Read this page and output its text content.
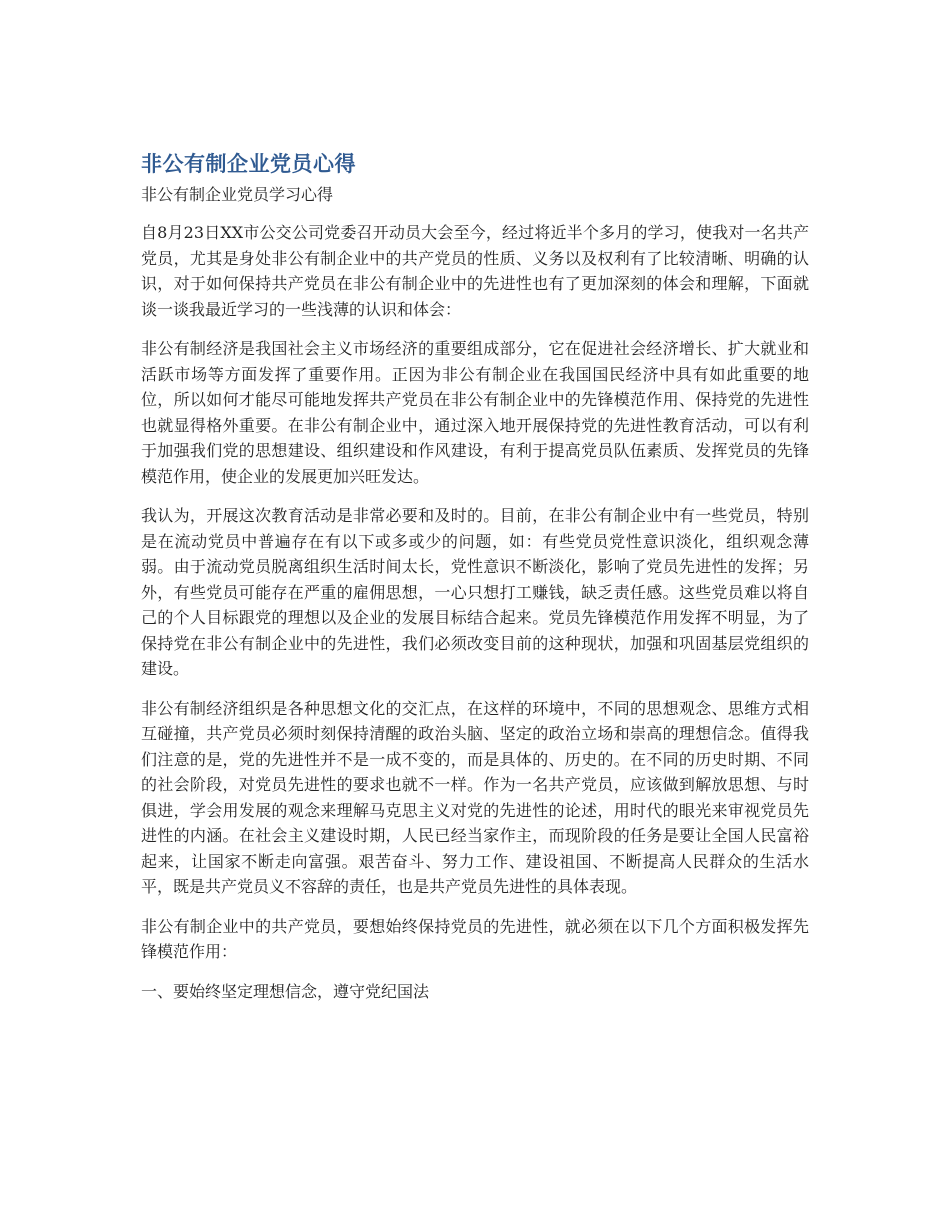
非公有制企业党员心得
非公有制企业党员学习心得

自8月23日XX市公交公司党委召开动员大会至今，经过将近半个多月的学习，使我对一名共产党员，尤其是身处非公有制企业中的共产党员的性质、义务以及权利有了比较清晰、明确的认识，对于如何保持共产党员在非公有制企业中的先进性也有了更加深刻的体会和理解，下面就谈一谈我最近学习的一些浅薄的认识和体会：

非公有制经济是我国社会主义市场经济的重要组成部分，它在促进社会经济增长、扩大就业和活跃市场等方面发挥了重要作用。正因为非公有制企业在我国国民经济中具有如此重要的地位，所以如何才能尽可能地发挥共产党员在非公有制企业中的先锋模范作用、保持党的先进性也就显得格外重要。在非公有制企业中，通过深入地开展保持党的先进性教育活动，可以有利于加强我们党的思想建设、组织建设和作风建设，有利于提高党员队伍素质、发挥党员的先锋模范作用，使企业的发展更加兴旺发达。

我认为，开展这次教育活动是非常必要和及时的。目前，在非公有制企业中有一些党员，特别是在流动党员中普遍存在有以下或多或少的问题，如：有些党员党性意识淡化，组织观念薄弱。由于流动党员脱离组织生活时间太长，党性意识不断淡化，影响了党员先进性的发挥；另外，有些党员可能存在严重的雇佣思想，一心只想打工赚钱，缺乏责任感。这些党员难以将自己的个人目标跟党的理想以及企业的发展目标结合起来。党员先锋模范作用发挥不明显，为了保持党在非公有制企业中的先进性，我们必须改变目前的这种现状，加强和巩固基层党组织的建设。

非公有制经济组织是各种思想文化的交汇点，在这样的环境中，不同的思想观念、思维方式相互碰撞，共产党员必须时刻保持清醒的政治头脑、坚定的政治立场和崇高的理想信念。值得我们注意的是，党的先进性并不是一成不变的，而是具体的、历史的。在不同的历史时期、不同的社会阶段，对党员先进性的要求也就不一样。作为一名共产党员，应该做到解放思想、与时俱进，学会用发展的观念来理解马克思主义对党的先进性的论述，用时代的眼光来审视党员先进性的内涵。在社会主义建设时期，人民已经当家作主，而现阶段的任务是要让全国人民富裕起来，让国家不断走向富强。艰苦奋斗、努力工作、建设祖国、不断提高人民群众的生活水平，既是共产党员义不容辞的责任，也是共产党员先进性的具体表现。

非公有制企业中的共产党员，要想始终保持党员的先进性，就必须在以下几个方面积极发挥先锋模范作用：

一、要始终坚定理想信念，遵守党纪国法
